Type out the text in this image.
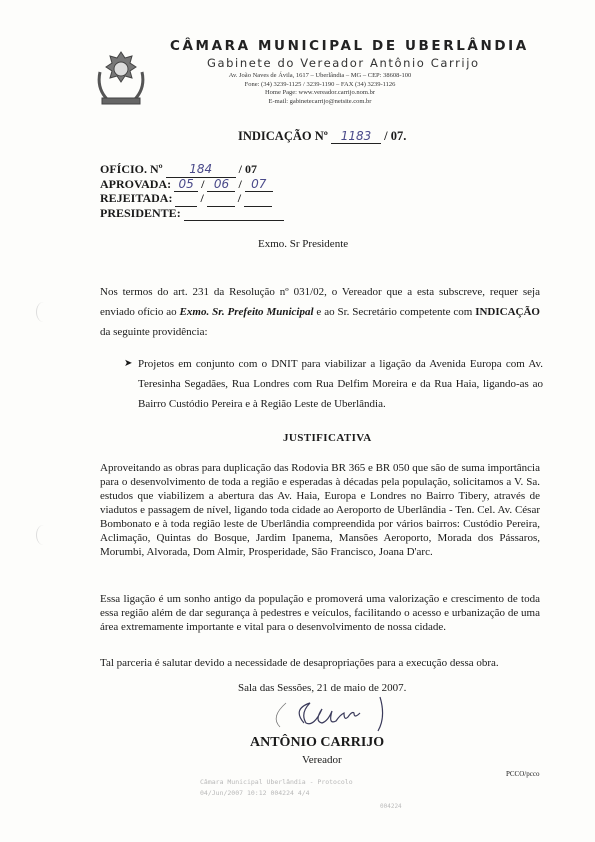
CÂMARA MUNICIPAL DE UBERLÂNDIA
Gabinete do Vereador Antônio Carrijo
Av. João Naves de Ávila, 1617 – Uberlândia – MG – CEP: 38608-100
Fone: (34) 3239-1125 / 3239-1190 – FAX (34) 3239-1126
Home Page: www.vereador.carrijo.nom.br
E-mail: gabinetecarrijo@netsite.com.br
INDICAÇÃO Nº 1183 / 07.
OFÍCIO. Nº 184 / 07
APROVADA: 05 / 06 / 07
REJEITADA: /	/
PRESIDENTE:
Exmo. Sr Presidente
Nos termos do art. 231 da Resolução nº 031/02, o Vereador que a esta subscreve, requer seja enviado ofício ao Exmo. Sr. Prefeito Municipal e ao Sr. Secretário competente com INDICAÇÃO da seguinte providência:
➤ Projetos em conjunto com o DNIT para viabilizar a ligação da Avenida Europa com Av. Teresinha Segadães, Rua Londres com Rua Delfim Moreira e da Rua Haia, ligando-as ao Bairro Custódio Pereira e à Região Leste de Uberlândia.
JUSTIFICATIVA
Aproveitando as obras para duplicação das Rodovia BR 365 e BR 050 que são de suma importância para o desenvolvimento de toda a região e esperadas à décadas pela população, solicitamos a V. Sa. estudos que viabilizem a abertura das Av. Haia, Europa e Londres no Bairro Tibery, através de viadutos e passagem de nível, ligando toda cidade ao Aeroporto de Uberlândia - Ten. Cel. Av. César Bombonato e à toda região leste de Uberlândia compreendida por vários bairros: Custódio Pereira, Aclimação, Quintas do Bosque, Jardim Ipanema, Mansões Aeroporto, Morada dos Pássaros, Morumbi, Alvorada, Dom Almir, Prosperidade, São Francisco, Joana D'arc.
Essa ligação é um sonho antigo da população e promoverá uma valorização e crescimento de toda essa região além de dar segurança à pedestres e veículos, facilitando o acesso e urbanização de uma área extremamente importante e vital para o desenvolvimento de nossa cidade.
Tal parceria é salutar devido a necessidade de desapropriações para a execução dessa obra.
Sala das Sessões, 21 de maio de 2007.
ANTÔNIO CARRIJO
Vereador
PCCO/pcco
Câmara Municipal Uberlândia - Protocolo
04/Jun/2007 10:12 004224 4/4
004224
